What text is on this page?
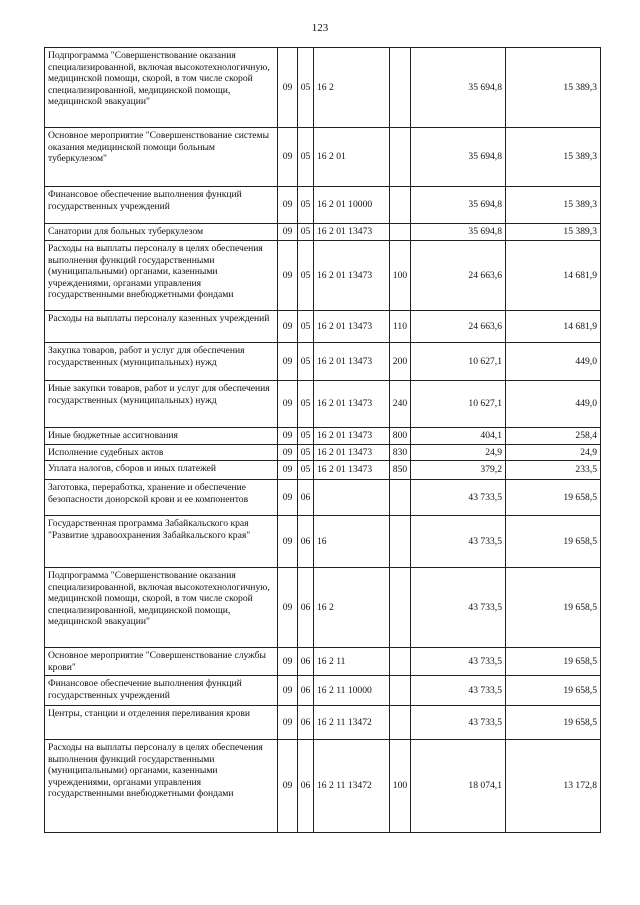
123
Подпрограмма "Совершенствование оказания специализированной, включая высокотехнологичную, медицинской помощи, скорой, в том числе скорой специализированной, медицинской помощи, медицинской эвакуации"	09	05	16 2		35 694,8	15 389,3
Основное мероприятие "Совершенствование системы оказания медицинской помощи больным туберкулезом"	09	05	16 2 01		35 694,8	15 389,3
Финансовое обеспечение выполнения функций государственных учреждений	09	05	16 2 01 10000		35 694,8	15 389,3
Санатории для больных туберкулезом	09	05	16 2 01 13473		35 694,8	15 389,3
Расходы на выплаты персоналу в целях обеспечения выполнения функций государственными (муниципальными) органами, казенными учреждениями, органами управления государственными внебюджетными фондами	09	05	16 2 01 13473	100	24 663,6	14 681,9
Расходы на выплаты персоналу казенных учреждений	09	05	16 2 01 13473	110	24 663,6	14 681,9
Закупка товаров, работ и услуг для обеспечения государственных (муниципальных) нужд	09	05	16 2 01 13473	200	10 627,1	449,0
Иные закупки товаров, работ и услуг для обеспечения государственных (муниципальных) нужд	09	05	16 2 01 13473	240	10 627,1	449,0
Иные бюджетные ассигнования	09	05	16 2 01 13473	800	404,1	258,4
Исполнение судебных актов	09	05	16 2 01 13473	830	24,9	24,9
Уплата налогов, сборов и иных платежей	09	05	16 2 01 13473	850	379,2	233,5
Заготовка, переработка, хранение и обеспечение безопасности донорской крови и ее компонентов	09	06			43 733,5	19 658,5
Государственная программа Забайкальского края "Развитие здравоохранения Забайкальского края"	09	06	16		43 733,5	19 658,5
Подпрограмма "Совершенствование оказания специализированной, включая высокотехнологичную, медицинской помощи, скорой, в том числе скорой специализированной, медицинской помощи, медицинской эвакуации"	09	06	16 2		43 733,5	19 658,5
Основное мероприятие "Совершенствование службы крови"	09	06	16 2 11		43 733,5	19 658,5
Финансовое обеспечение выполнения функций государственных учреждений	09	06	16 2 11 10000		43 733,5	19 658,5
Центры, станции и отделения переливания крови	09	06	16 2 11 13472		43 733,5	19 658,5
Расходы на выплаты персоналу в целях обеспечения выполнения функций государственными (муниципальными) органами, казенными учреждениями, органами управления государственными внебюджетными фондами	09	06	16 2 11 13472	100	18 074,1	13 172,8
